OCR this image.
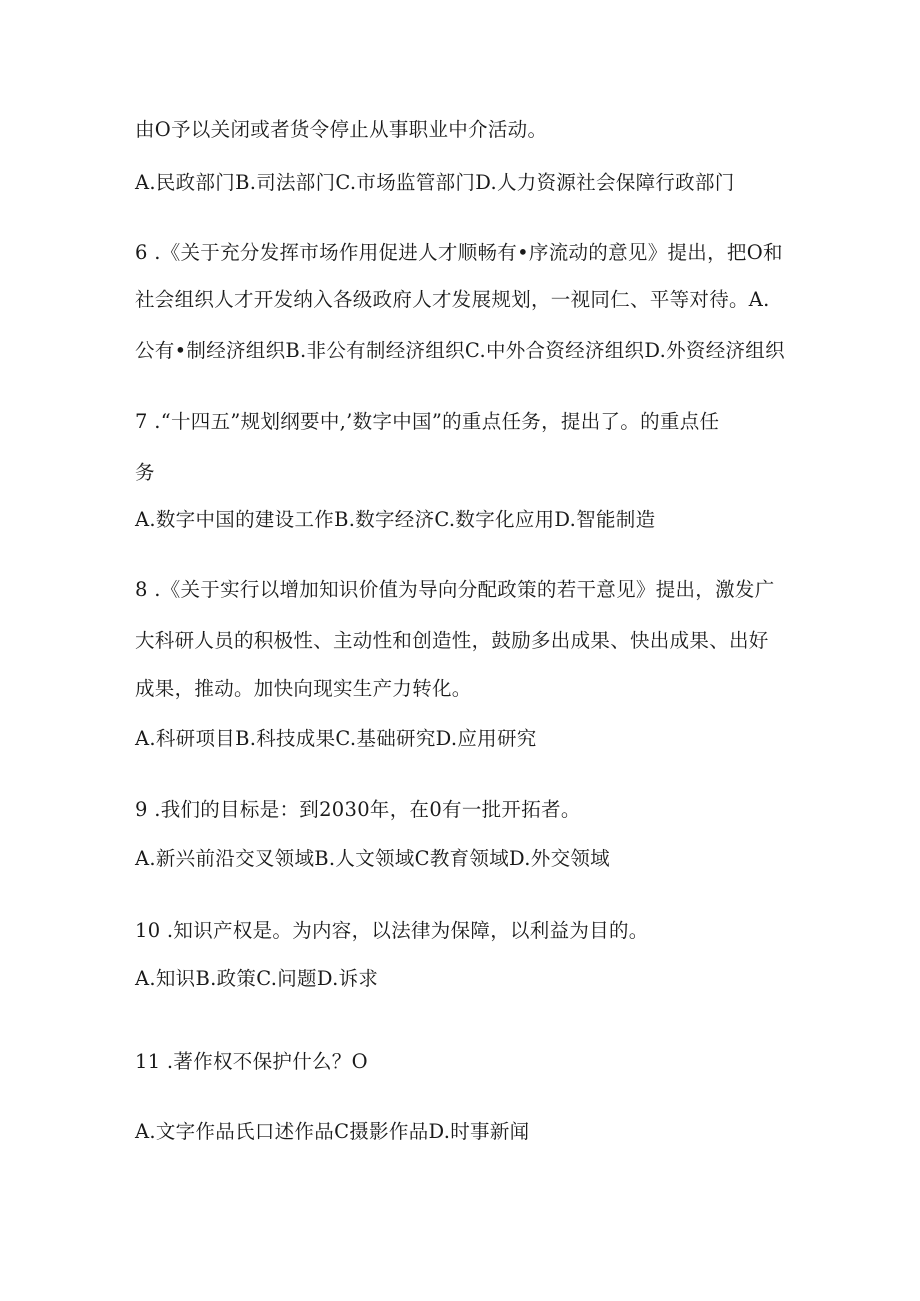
由O予以关闭或者货令停止从事职业中介活动。
A.民政部门B.司法部门C.市场监管部门D.人力资源社会保障行政部门
6 .《关于充分发挥市场作用促进人才顺畅有•序流动的意见》提出，把O和
社会组织人才开发纳入各级政府人才发展规划，一视同仁、平等对待。A.
公有•制经济组织B.非公有制经济组织C.中外合资经济组织D.外资经济组织
7 .“十四五”规划纲要中,’数字中国”的重点任务，提出了。的重点任
务
A.数字中国的建设工作B.数字经济C.数字化应用D.智能制造
8 .《关于实行以增加知识价值为导向分配政策的若干意见》提出，激发广
大科研人员的积极性、主动性和创造性，鼓励多出成果、快出成果、出好
成果，推动。加快向现实生产力转化。
A.科研项目B.科技成果C.基础研究D.应用研究
9 .我们的目标是：到2030年，在0有一批开拓者。
A.新兴前沿交叉领域B.人文领域C教育领域D.外交领域
10 .知识产权是。为内容，以法律为保障，以利益为目的。
A.知识B.政策C.问题D.诉求
11 .著作权不保护什么？O
A.文字作品氏口述作品C摄影作品D.时事新闻
